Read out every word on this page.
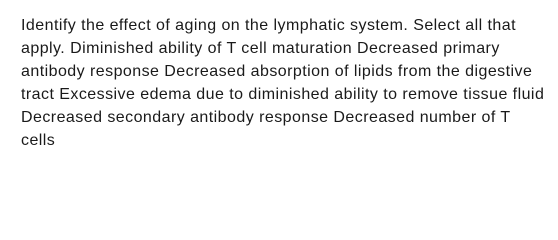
Identify the effect of aging on the lymphatic system. Select all that apply. Diminished ability of T cell maturation Decreased primary antibody response Decreased absorption of lipids from the digestive tract Excessive edema due to diminished ability to remove tissue fluid Decreased secondary antibody response Decreased number of T cells
